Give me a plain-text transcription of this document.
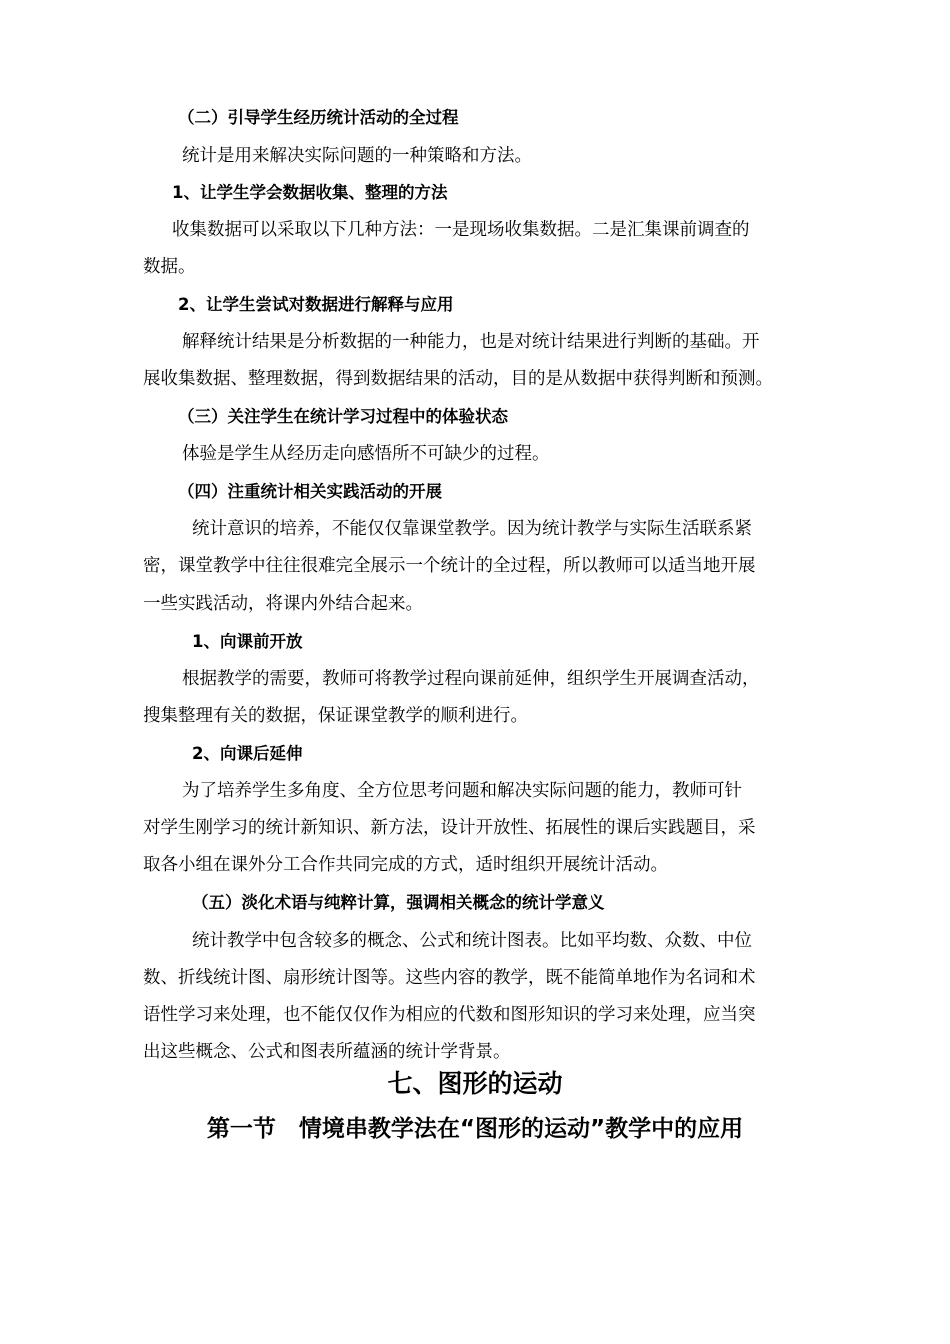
（二）引导学生经历统计活动的全过程
统计是用来解决实际问题的一种策略和方法。
1、让学生学会数据收集、整理的方法
收集数据可以采取以下几种方法：一是现场收集数据。二是汇集课前调查的
数据。
2、让学生尝试对数据进行解释与应用
解释统计结果是分析数据的一种能力，也是对统计结果进行判断的基础。开
展收集数据、整理数据，得到数据结果的活动，目的是从数据中获得判断和预测。
（三）关注学生在统计学习过程中的体验状态
体验是学生从经历走向感悟所不可缺少的过程。
（四）注重统计相关实践活动的开展
统计意识的培养，不能仅仅靠课堂教学。因为统计教学与实际生活联系紧
密，课堂教学中往往很难完全展示一个统计的全过程，所以教师可以适当地开展
一些实践活动，将课内外结合起来。
1、向课前开放
根据教学的需要，教师可将教学过程向课前延伸，组织学生开展调查活动，
搜集整理有关的数据，保证课堂教学的顺利进行。
2、向课后延伸
为了培养学生多角度、全方位思考问题和解决实际问题的能力，教师可针
对学生刚学习的统计新知识、新方法，设计开放性、拓展性的课后实践题目，采
取各小组在课外分工合作共同完成的方式，适时组织开展统计活动。
（五）淡化术语与纯粹计算，强调相关概念的统计学意义
统计教学中包含较多的概念、公式和统计图表。比如平均数、众数、中位
数、折线统计图、扇形统计图等。这些内容的教学，既不能简单地作为名词和术
语性学习来处理，也不能仅仅作为相应的代数和图形知识的学习来处理，应当突
出这些概念、公式和图表所蕴涵的统计学背景。
七、图形的运动
第一节　情境串教学法在“图形的运动”教学中的应用
